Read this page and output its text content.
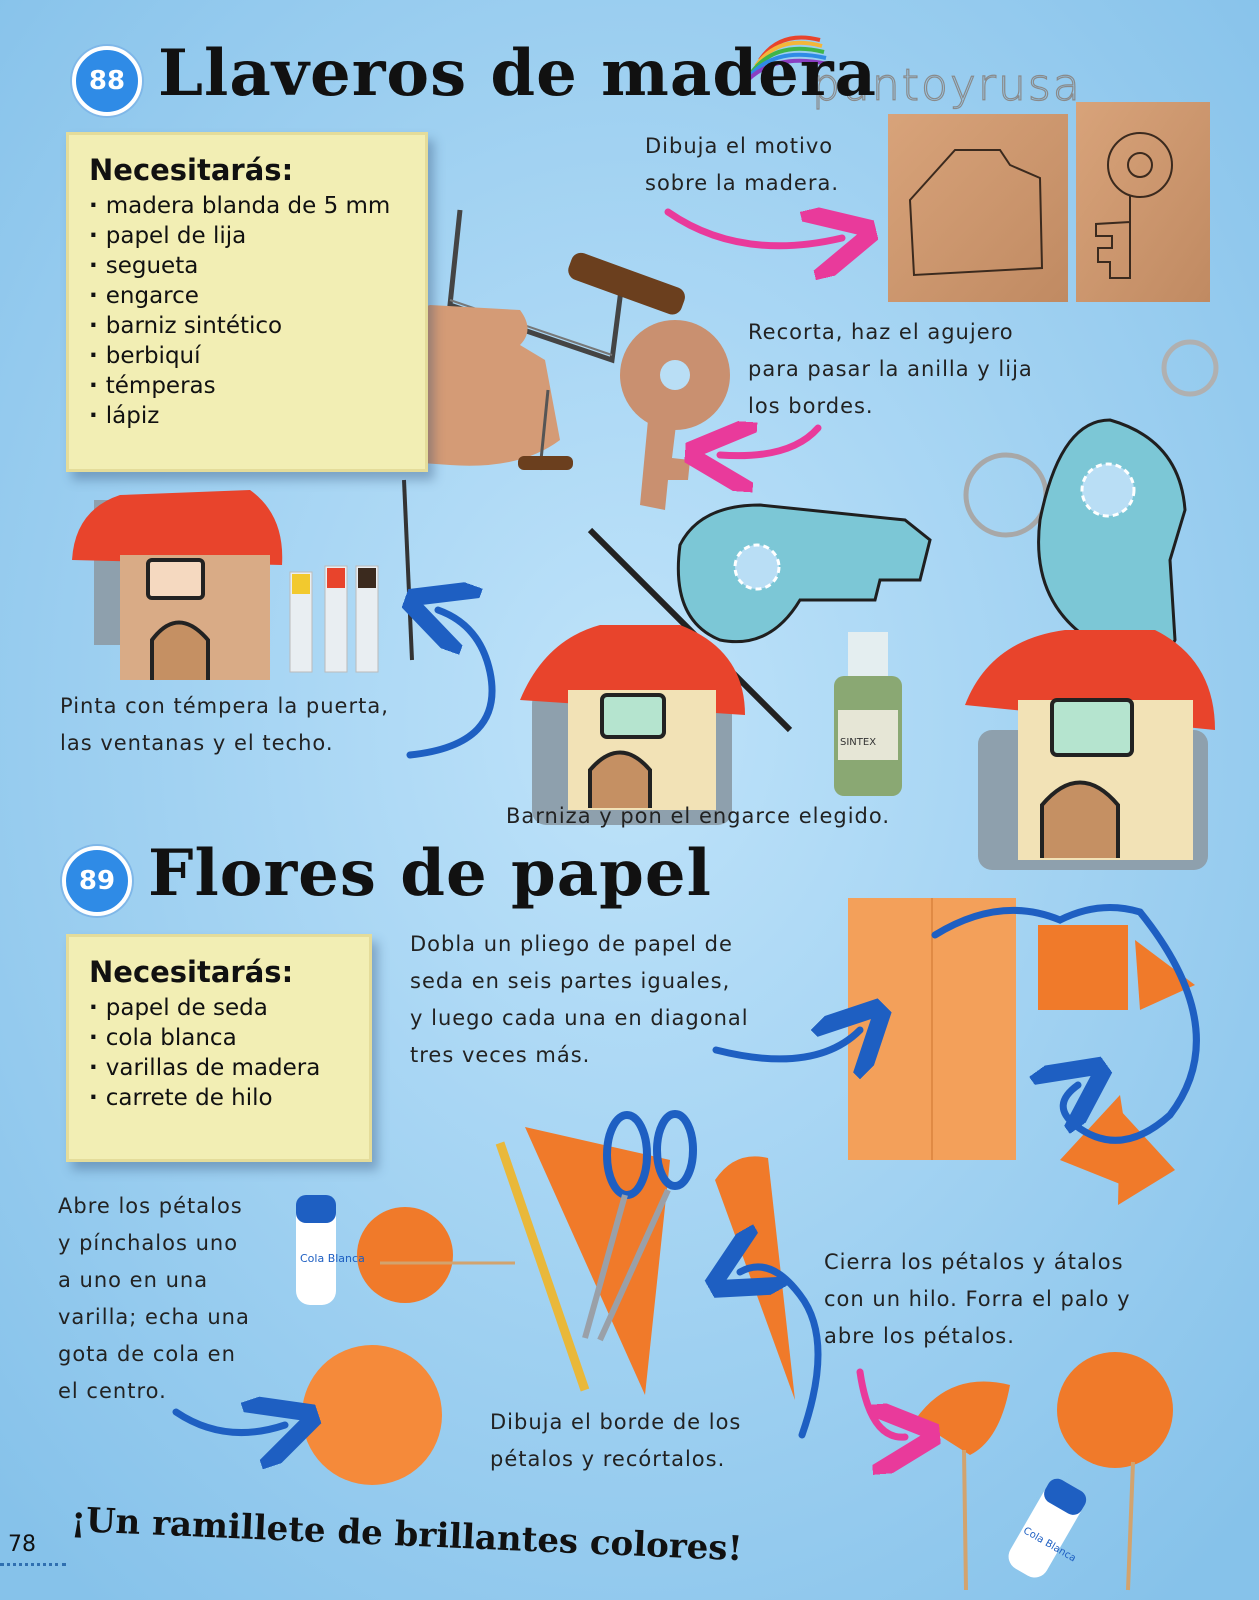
Cola Blanca
SINTEX
Cola Blanca
puntoyrusa
88 Llaveros de madera
Necesitarás:
· madera blanda de 5 mm
· papel de lija
· segueta
· engarce
· barniz sintético
· berbiquí
· témperas
· lápiz
Dibuja el motivo
sobre la madera.
Recorta, haz el agujero
para pasar la anilla y lija
los bordes.
Pinta con témpera la puerta,
las ventanas y el techo.
Barniza y pon el engarce elegido.
89 Flores de papel
Necesitarás:
· papel de seda
· cola blanca
· varillas de madera
· carrete de hilo
Dobla un pliego de papel de
seda en seis partes iguales,
y luego cada una en diagonal
tres veces más.
Abre los pétalos
y pínchalos uno
a uno en una
varilla; echa una
gota de cola en
el centro.
Cierra los pétalos y átalos
con un hilo. Forra el palo y
abre los pétalos.
Dibuja el borde de los
pétalos y recórtalos.
78 ¡Un ramillete de brillantes colores!
